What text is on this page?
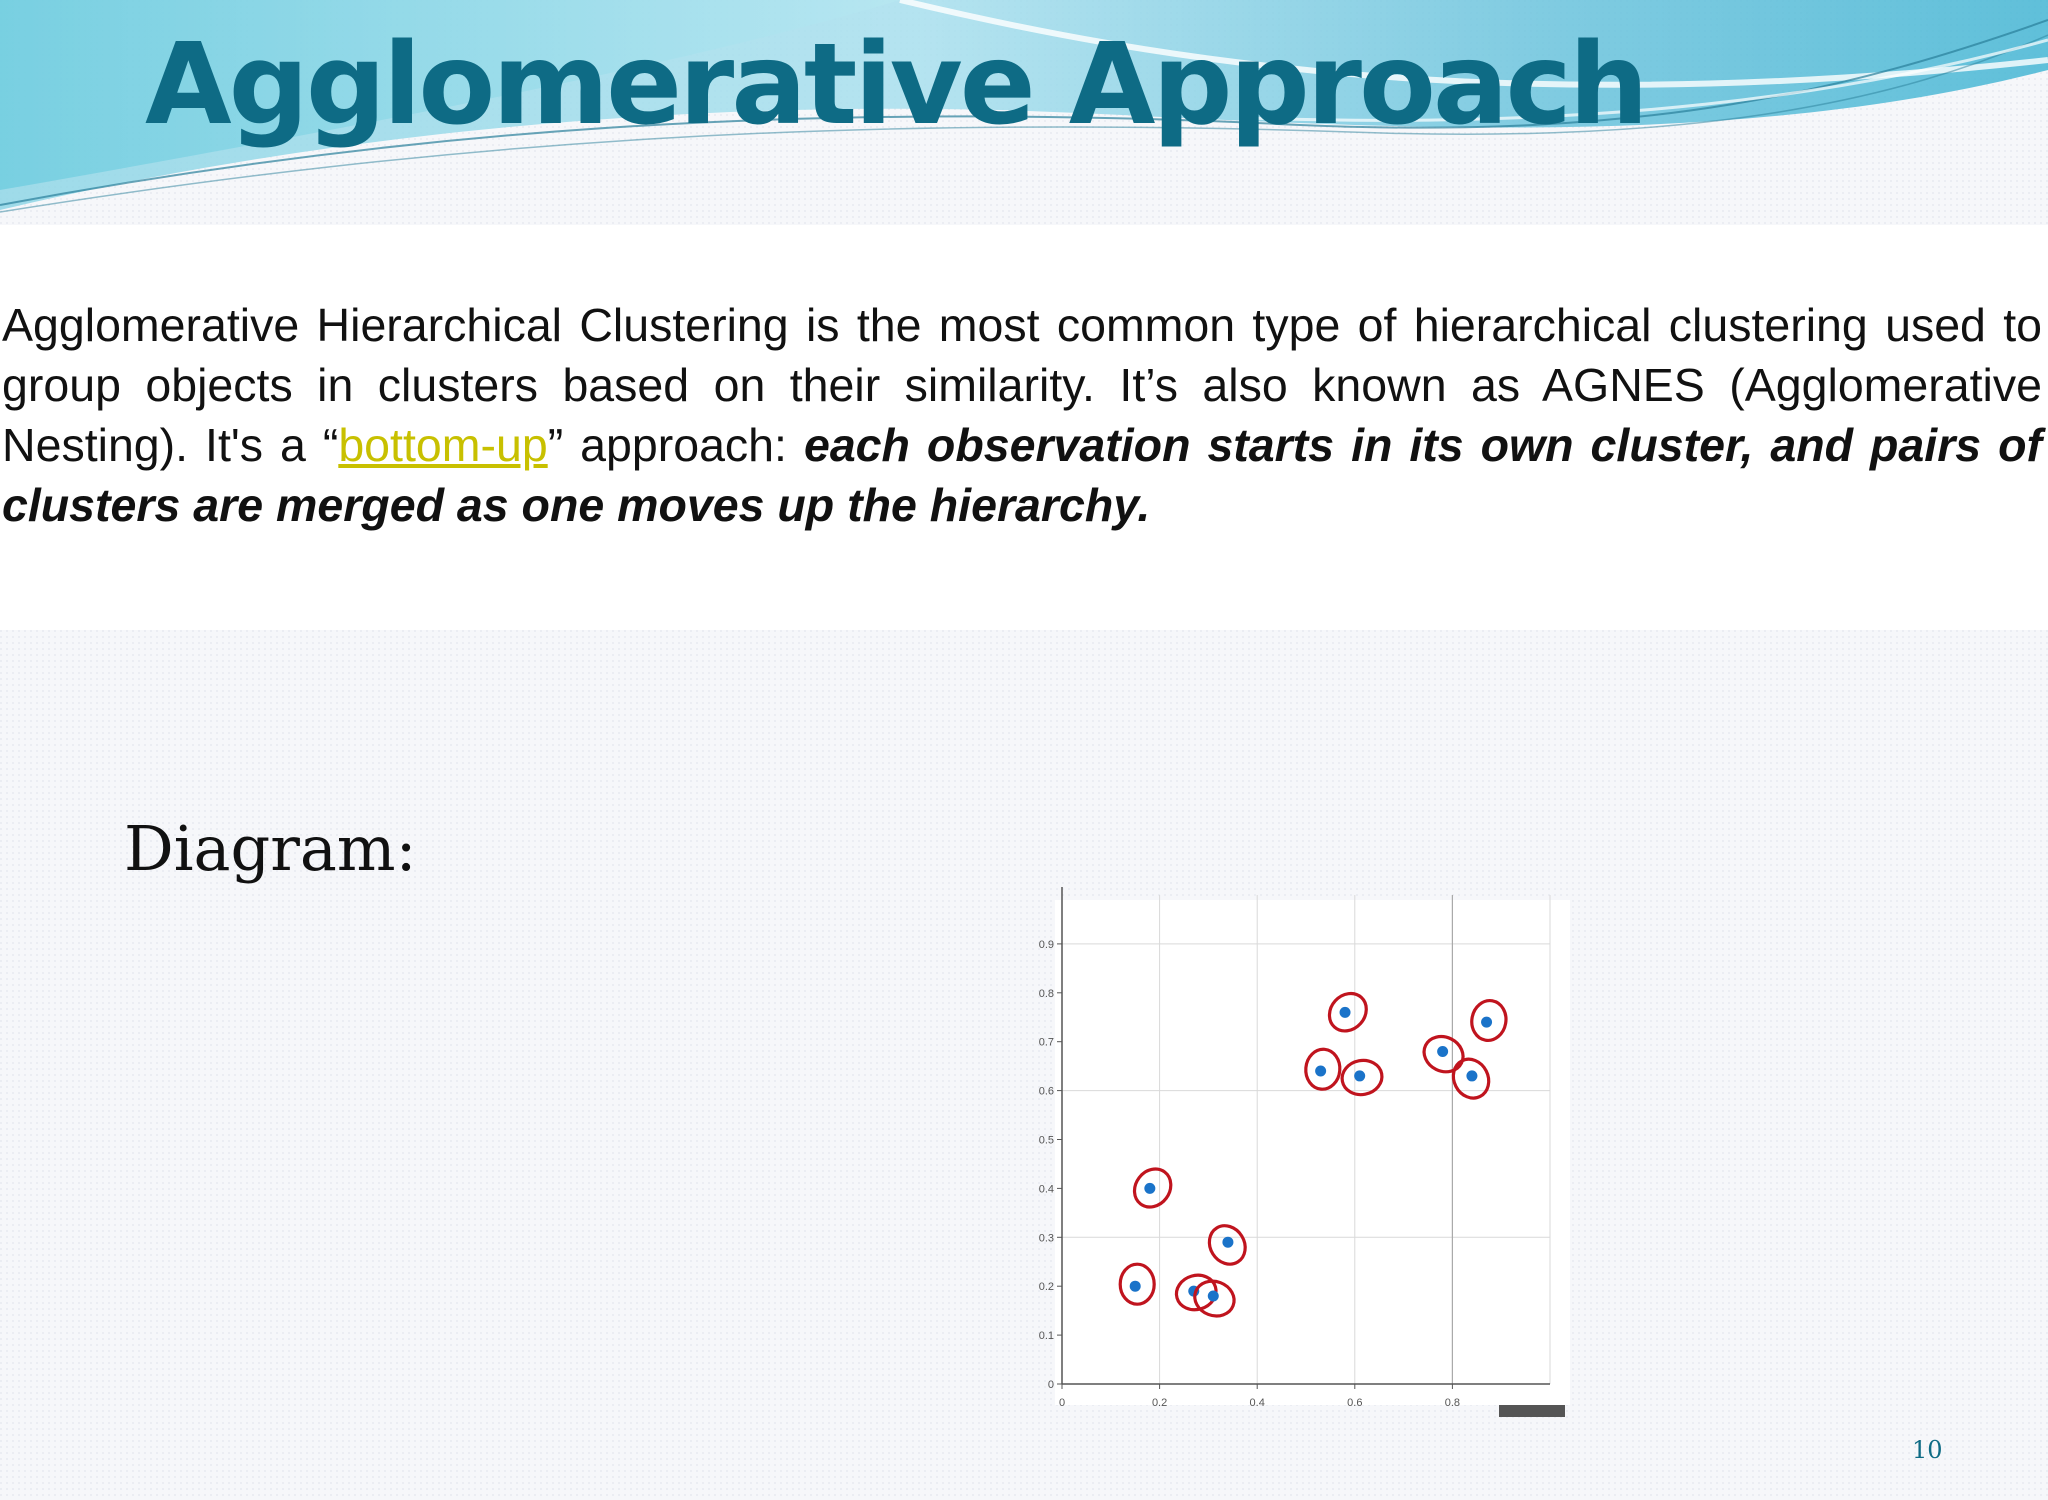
Agglomerative Approach

Agglomerative Hierarchical Clustering is the most common type of hierarchical clustering used to group objects in clusters based on their similarity. It’s also known as AGNES (Agglomerative Nesting). It's a “bottom-up” approach: each observation starts in its own cluster, and pairs of clusters are merged as one moves up the hierarchy.

Diagram:
0	0.2	0.4	0.6	0.8
0
0.1
0.2
0.3
0.4
0.5
0.6
0.7
0.8
0.9
10
